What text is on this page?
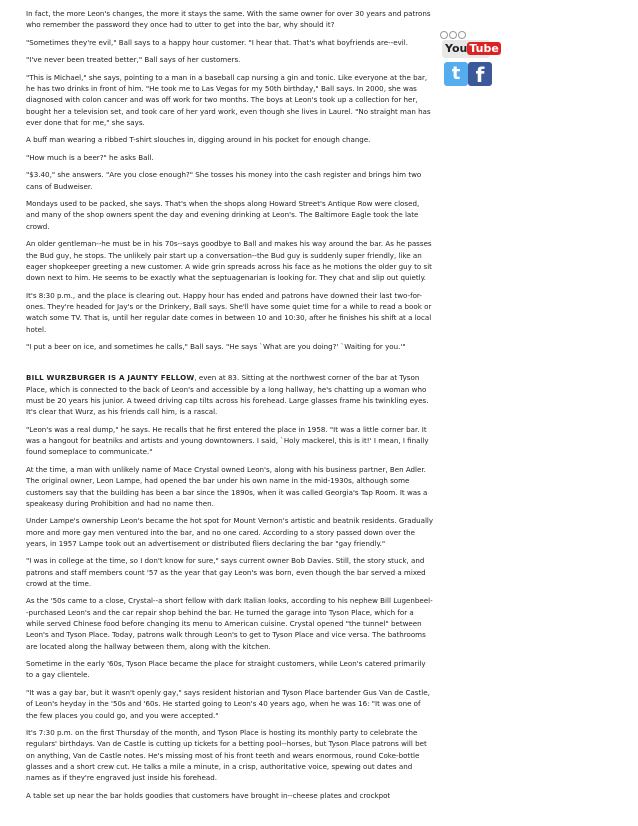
In fact, the more Leon's changes, the more it stays the same. With the same owner for over 30 years and patrons who remember the password they once had to utter to get into the bar, why should it?

"Sometimes they're evil," Ball says to a happy hour customer. "I hear that. That's what boyfriends are--evil.

"I've never been treated better," Ball says of her customers.

"This is Michael," she says, pointing to a man in a baseball cap nursing a gin and tonic. Like everyone at the bar, he has two drinks in front of him. "He took me to Las Vegas for my 50th birthday," Ball says. In 2000, she was diagnosed with colon cancer and was off work for two months. The boys at Leon's took up a collection for her, bought her a television set, and took care of her yard work, even though she lives in Laurel. "No straight man has ever done that for me," she says.

A buff man wearing a ribbed T-shirt slouches in, digging around in his pocket for enough change.

"How much is a beer?" he asks Ball.

"$3.40," she answers. "Are you close enough?" She tosses his money into the cash register and brings him two cans of Budweiser.

Mondays used to be packed, she says. That's when the shops along Howard Street's Antique Row were closed, and many of the shop owners spent the day and evening drinking at Leon's. The Baltimore Eagle took the late crowd.

An older gentleman--he must be in his 70s--says goodbye to Ball and makes his way around the bar. As he passes the Bud guy, he stops. The unlikely pair start up a conversation--the Bud guy is suddenly super friendly, like an eager shopkeeper greeting a new customer. A wide grin spreads across his face as he motions the older guy to sit down next to him. He seems to be exactly what the septuagenarian is looking for. They chat and slip out quietly.

It's 8:30 p.m., and the place is clearing out. Happy hour has ended and patrons have downed their last two-for-ones. They're headed for Jay's or the Drinkery, Ball says. She'll have some quiet time for a while to read a book or watch some TV. That is, until her regular date comes in between 10 and 10:30, after he finishes his shift at a local hotel.

"I put a beer on ice, and sometimes he calls," Ball says. "He says `What are you doing?' `Waiting for you.'"

BILL WURZBURGER IS A JAUNTY FELLOW, even at 83. Sitting at the northwest corner of the bar at Tyson Place, which is connected to the back of Leon's and accessible by a long hallway, he's chatting up a woman who must be 20 years his junior. A tweed driving cap tilts across his forehead. Large glasses frame his twinkling eyes. It's clear that Wurz, as his friends call him, is a rascal.

"Leon's was a real dump," he says. He recalls that he first entered the place in 1958. "It was a little corner bar. It was a hangout for beatniks and artists and young downtowners. I said, `Holy mackerel, this is it!' I mean, I finally found someplace to communicate."

At the time, a man with unlikely name of Mace Crystal owned Leon's, along with his business partner, Ben Adler. The original owner, Leon Lampe, had opened the bar under his own name in the mid-1930s, although some customers say that the building has been a bar since the 1890s, when it was called Georgia's Tap Room. It was a speakeasy during Prohibition and had no name then.

Under Lampe's ownership Leon's became the hot spot for Mount Vernon's artistic and beatnik residents. Gradually more and more gay men ventured into the bar, and no one cared. According to a story passed down over the years, in 1957 Lampe took out an advertisement or distributed fliers declaring the bar "gay friendly."

"I was in college at the time, so I don't know for sure," says current owner Bob Davies. Still, the story stuck, and patrons and staff members count '57 as the year that gay Leon's was born, even though the bar served a mixed crowd at the time.

As the '50s came to a close, Crystal--a short fellow with dark Italian looks, according to his nephew Bill Lugenbeel--purchased Leon's and the car repair shop behind the bar. He turned the garage into Tyson Place, which for a while served Chinese food before changing its menu to American cuisine. Crystal opened "the tunnel" between Leon's and Tyson Place. Today, patrons walk through Leon's to get to Tyson Place and vice versa. The bathrooms are located along the hallway between them, along with the kitchen.

Sometime in the early '60s, Tyson Place became the place for straight customers, while Leon's catered primarily to a gay clientele.

"It was a gay bar, but it wasn't openly gay," says resident historian and Tyson Place bartender Gus Van de Castle, of Leon's heyday in the '50s and '60s. He started going to Leon's 40 years ago, when he was 16: "It was one of the few places you could go, and you were accepted."

It's 7:30 p.m. on the first Thursday of the month, and Tyson Place is hosting its monthly party to celebrate the regulars' birthdays. Van de Castle is cutting up tickets for a betting pool--horses, but Tyson Place patrons will bet on anything, Van de Castle notes. He's missing most of his front teeth and wears enormous, round Coke-bottle glasses and a short crew cut. He talks a mile a minute, in a crisp, authoritative voice, spewing out dates and names as if they're engraved just inside his forehead.

A table set up near the bar holds goodies that customers have brought in--cheese plates and crockpot

You Tube
t f
